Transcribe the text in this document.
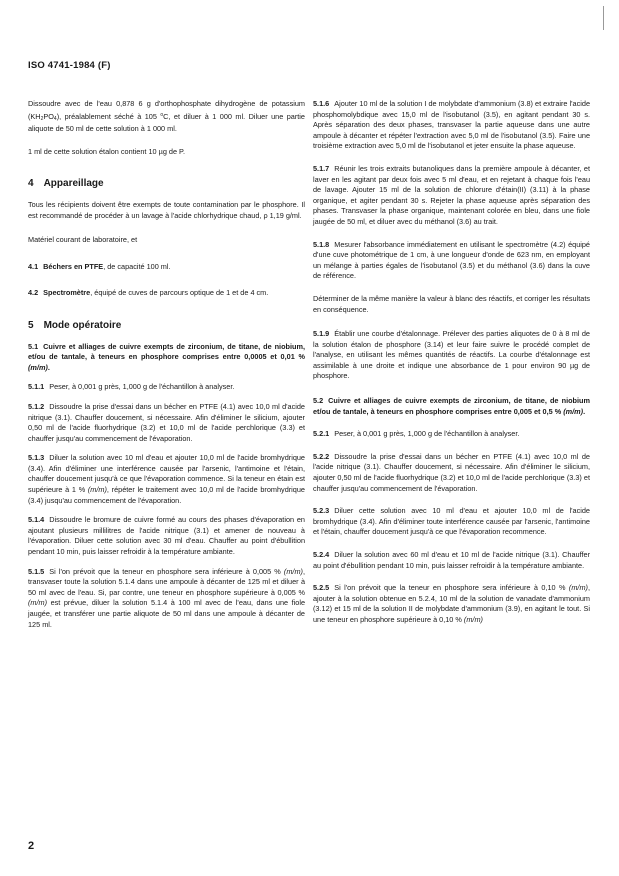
ISO 4741-1984 (F)

Dissoudre avec de l'eau 0,878 6 g d'orthophosphate dihydrogène de potassium $(KH_2PO_4)$, préalablement séché à 105 $^o$C, et diluer à 1 000 ml. Diluer une partie aliquote de 50 ml de cette solution à 1 000 ml.

1 ml de cette solution étalon contient 10 µg de P.

4 Appareillage

Tous les récipients doivent être exempts de toute contamination par le phosphore. Il est recommandé de procéder à un lavage à l'acide chlorhydrique chaud, ρ 1,19 g/ml.

Matériel courant de laboratoire, et

4.1 Béchers en PTFE, de capacité 100 ml.

4.2 Spectromètre, équipé de cuves de parcours optique de 1 et de 4 cm.

5 Mode opératoire

5.1 Cuivre et alliages de cuivre exempts de zirconium, de titane, de niobium, et/ou de tantale, à teneurs en phosphore comprises entre 0,0005 et 0,01 % (m/m).

5.1.1 Peser, à 0,001 g près, 1,000 g de l'échantillon à analyser.

5.1.2 Dissoudre la prise d'essai dans un bécher en PTFE (4.1) avec 10,0 ml d'acide nitrique (3.1). Chauffer doucement, si nécessaire. Afin d'éliminer le silicium, ajouter 0,50 ml de l'acide fluorhydrique (3.2) et 10,0 ml de l'acide perchlorique (3.3) et chauffer jusqu'au commencement de l'évaporation.

5.1.3 Diluer la solution avec 10 ml d'eau et ajouter 10,0 ml de l'acide bromhydrique (3.4). Afin d'éliminer une interférence causée par l'arsenic, l'antimoine et l'étain, chauffer doucement jusqu'à ce que l'évaporation commence. Si la teneur en étain est supérieure à 1 % (m/m), répéter le traitement avec 10,0 ml de l'acide bromhydrique (3.4) jusqu'au commencement de l'évaporation.

5.1.4 Dissoudre le bromure de cuivre formé au cours des phases d'évaporation en ajoutant plusieurs millilitres de l'acide nitrique (3.1) et amener de nouveau à l'évaporation. Diluer cette solution avec 30 ml d'eau. Chauffer au point d'ébullition pendant 10 min, puis laisser refroidir à la température ambiante.

5.1.5 Si l'on prévoit que la teneur en phosphore sera inférieure à 0,005 % (m/m), transvaser toute la solution 5.1.4 dans une ampoule à décanter de 125 ml et diluer à 50 ml avec de l'eau. Si, par contre, une teneur en phosphore supérieure à 0,005 % (m/m) est prévue, diluer la solution 5.1.4 à 100 ml avec de l'eau, dans une fiole jaugée, et transférer une partie aliquote de 50 ml dans une ampoule à décanter de 125 ml.

5.1.6 Ajouter 10 ml de la solution I de molybdate d'ammonium (3.8) et extraire l'acide phosphomolybdique avec 15,0 ml de l'isobutanol (3.5), en agitant pendant 30 s. Après séparation des deux phases, transvaser la partie aqueuse dans une autre ampoule à décanter et répéter l'extraction avec 5,0 ml de l'isobutanol (3.5). Faire une troisième extraction avec 5,0 ml de l'isobutanol et jeter ensuite la phase aqueuse.

5.1.7 Réunir les trois extraits butanoliques dans la première ampoule à décanter, et laver en les agitant par deux fois avec 5 ml d'eau, et en rejetant à chaque fois l'eau de lavage. Ajouter 15 ml de la solution de chlorure d'étain(II) (3.11) à la phase organique, et agiter pendant 30 s. Rejeter la phase aqueuse après séparation des phases. Transvaser la phase organique, maintenant colorée en bleu, dans une fiole jaugée de 50 ml, et diluer avec du méthanol (3.6) au trait.

5.1.8 Mesurer l'absorbance immédiatement en utilisant le spectromètre (4.2) équipé d'une cuve photométrique de 1 cm, à une longueur d'onde de 623 nm, en employant un mélange à parties égales de l'isobutanol (3.5) et du méthanol (3.6) dans la cuve de référence.

Déterminer de la même manière la valeur à blanc des réactifs, et corriger les résultats en conséquence.

5.1.9 Établir une courbe d'étalonnage. Prélever des parties aliquotes de 0 à 8 ml de la solution étalon de phosphore (3.14) et leur faire suivre le procédé complet de l'analyse, en utilisant les mêmes quantités de réactifs. La courbe d'étalonnage est assimilable à une droite et indique une absorbance de 1 pour environ 90 µg de phosphore.

5.2 Cuivre et alliages de cuivre exempts de zirconium, de titane, de niobium et/ou de tantale, à teneurs en phosphore comprises entre 0,005 et 0,5 % (m/m).

5.2.1 Peser, à 0,001 g près, 1,000 g de l'échantillon à analyser.

5.2.2 Dissoudre la prise d'essai dans un bécher en PTFE (4.1) avec 10,0 ml de l'acide nitrique (3.1). Chauffer doucement, si nécessaire. Afin d'éliminer le silicium, ajouter 0,50 ml de l'acide fluorhydrique (3.2) et 10,0 ml de l'acide perchlorique (3.3) et chauffer jusqu'au commencement de l'évaporation.

5.2.3 Diluer cette solution avec 10 ml d'eau et ajouter 10,0 ml de l'acide bromhydrique (3.4). Afin d'éliminer toute interférence causée par l'arsenic, l'antimoine et l'étain, chauffer doucement jusqu'à ce que l'évaporation recommence.

5.2.4 Diluer la solution avec 60 ml d'eau et 10 ml de l'acide nitrique (3.1). Chauffer au point d'ébullition pendant 10 min, puis laisser refroidir à la température ambiante.

5.2.5 Si l'on prévoit que la teneur en phosphore sera inférieure à 0,10 % (m/m), ajouter à la solution obtenue en 5.2.4, 10 ml de la solution de vanadate d'ammonium (3.12) et 15 ml de la solution II de molybdate d'ammonium (3.9), en agitant le tout. Si une teneur en phosphore supérieure à 0,10 % (m/m)

2
